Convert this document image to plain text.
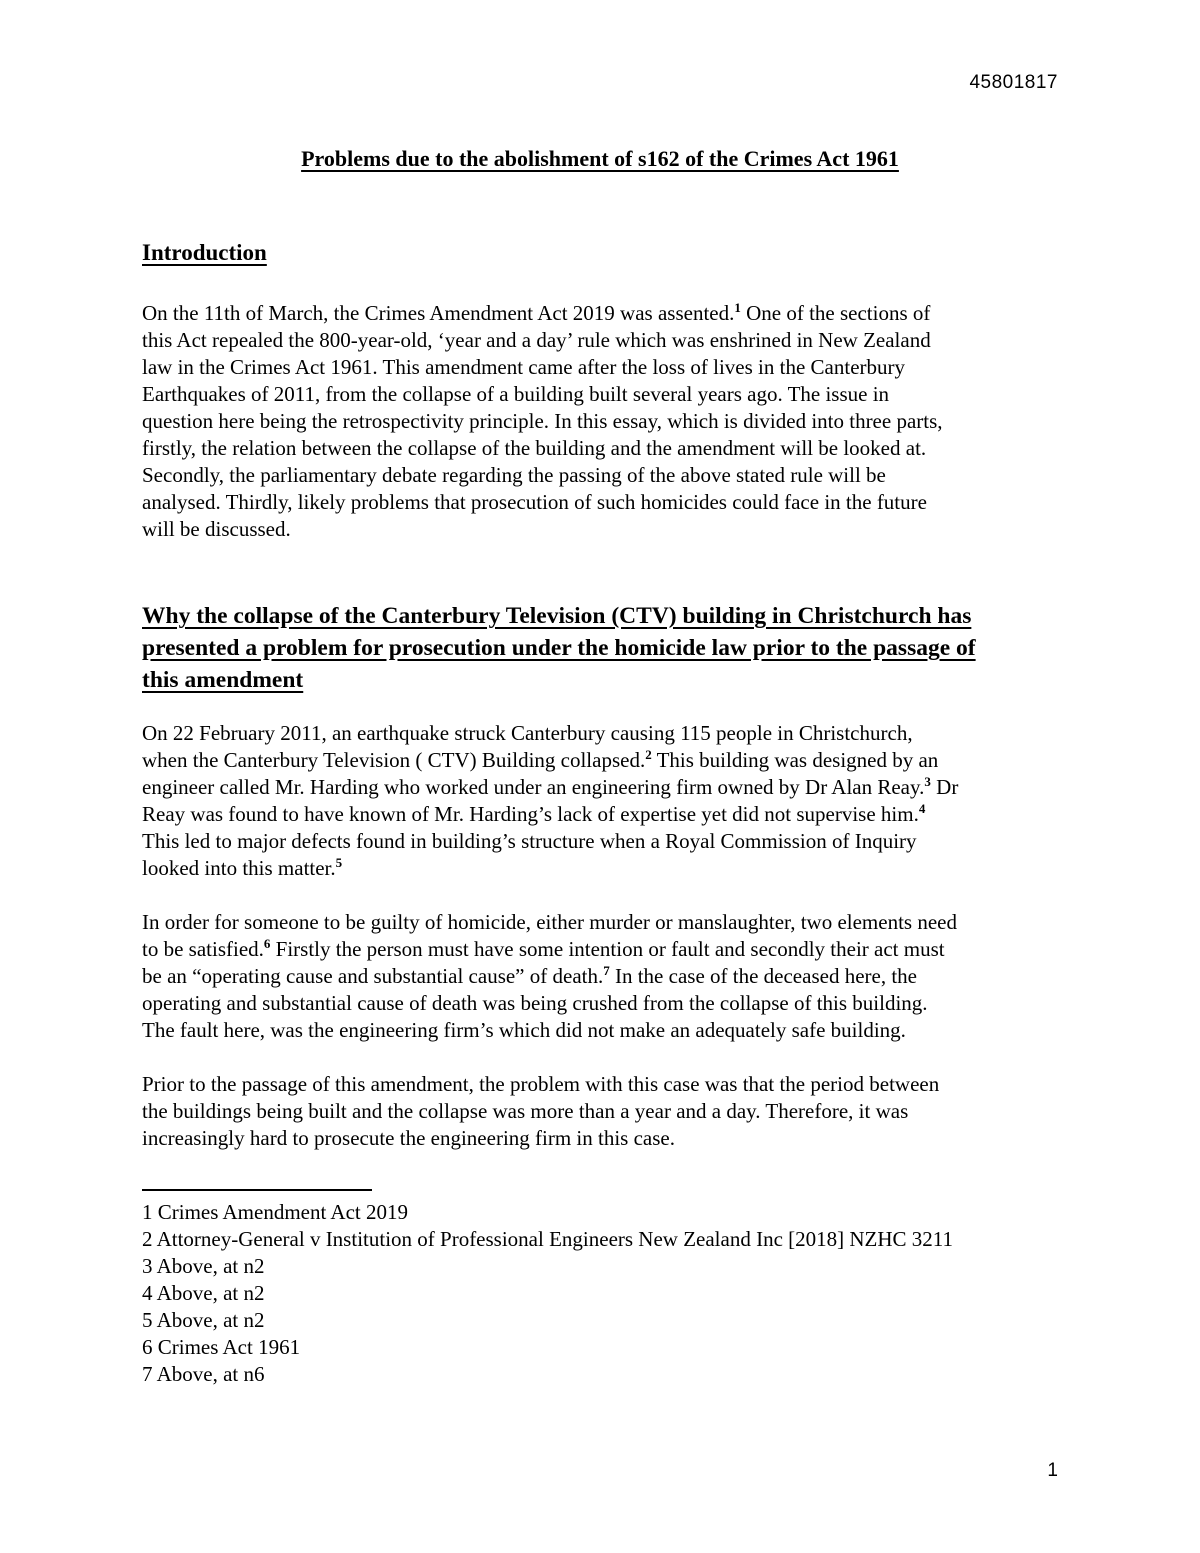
45801817
Problems due to the abolishment of s162 of the Crimes Act 1961
Introduction

On the 11th of March, the Crimes Amendment Act 2019 was assented.$^1$ One of the sections of
this Act repealed the 800-year-old, ‘year and a day’ rule which was enshrined in New Zealand
law in the Crimes Act 1961. This amendment came after the loss of lives in the Canterbury
Earthquakes of 2011, from the collapse of a building built several years ago. The issue in
question here being the retrospectivity principle. In this essay, which is divided into three parts,
firstly, the relation between the collapse of the building and the amendment will be looked at.
Secondly, the parliamentary debate regarding the passing of the above stated rule will be
analysed. Thirdly, likely problems that prosecution of such homicides could face in the future
will be discussed.

Why the collapse of the Canterbury Television (CTV) building in Christchurch has
presented a problem for prosecution under the homicide law prior to the passage of
this amendment

On 22 February 2011, an earthquake struck Canterbury causing 115 people in Christchurch,
when the Canterbury Television ( CTV) Building collapsed.$^2$ This building was designed by an
engineer called Mr. Harding who worked under an engineering firm owned by Dr Alan Reay.$^3$ Dr
Reay was found to have known of Mr. Harding’s lack of expertise yet did not supervise him.$^4$
This led to major defects found in building’s structure when a Royal Commission of Inquiry
looked into this matter.$^5$

In order for someone to be guilty of homicide, either murder or manslaughter, two elements need
to be satisfied.$^6$ Firstly the person must have some intention or fault and secondly their act must
be an “operating cause and substantial cause” of death.$^7$ In the case of the deceased here, the
operating and substantial cause of death was being crushed from the collapse of this building.
The fault here, was the engineering firm’s which did not make an adequately safe building.

Prior to the passage of this amendment, the problem with this case was that the period between
the buildings being built and the collapse was more than a year and a day. Therefore, it was
increasingly hard to prosecute the engineering firm in this case.

1 Crimes Amendment Act 2019
2 Attorney-General v Institution of Professional Engineers New Zealand Inc [2018] NZHC 3211
3 Above, at n2
4 Above, at n2
5 Above, at n2
6 Crimes Act 1961
7 Above, at n6
1
